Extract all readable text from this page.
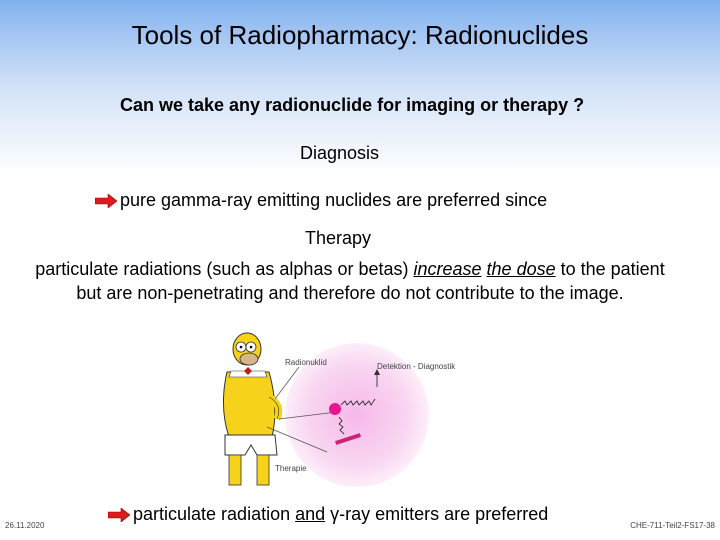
Tools of Radiopharmacy: Radionuclides
Can we take any radionuclide for imaging or therapy ?
Diagnosis
pure gamma-ray emitting nuclides are preferred since
Therapy
particulate radiations (such as alphas or betas) increase the dose to the patient but are non-penetrating and therefore do not contribute to the image.
Radionuklid	Detektion - Diagnostik
Therapie
particulate radiation and γ-ray emitters are preferred
26.11.2020	CHE-711-Teil2-FS17-38
